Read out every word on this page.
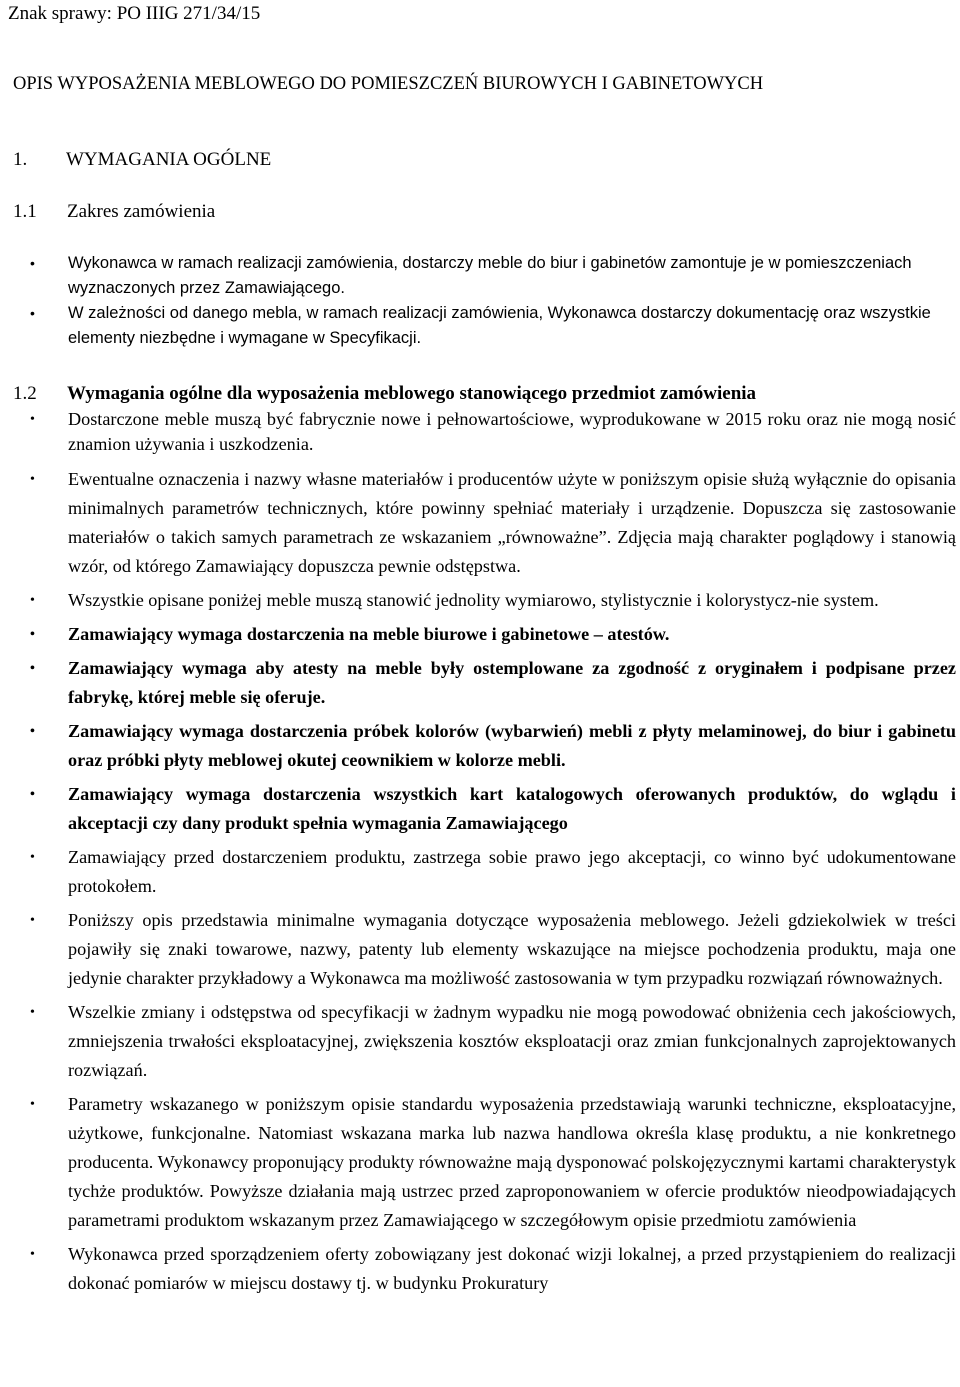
Znak sprawy: PO IIIG 271/34/15
OPIS WYPOSAŻENIA MEBLOWEGO DO POMIESZCZEŃ BIUROWYCH I GABINETOWYCH
1. WYMAGANIA OGÓLNE
1.1 Zakres zamówienia
• Wykonawca w ramach realizacji zamówienia, dostarczy meble do biur i gabinetów zamontuje je w pomieszczeniach wyznaczonych przez Zamawiającego.
• W zależności od danego mebla, w ramach realizacji zamówienia, Wykonawca dostarczy dokumentację oraz wszystkie elementy niezbędne i wymagane w Specyfikacji.
1.2 Wymagania ogólne dla wyposażenia meblowego stanowiącego przedmiot zamówienia
• Dostarczone meble muszą być fabrycznie nowe i pełnowartościowe, wyprodukowane w 2015 roku oraz nie mogą nosić znamion używania i uszkodzenia.
• Ewentualne oznaczenia i nazwy własne materiałów i producentów użyte w poniższym opisie służą wyłącznie do opisania minimalnych parametrów technicznych, które powinny spełniać materiały i urządzenie. Dopuszcza się zastosowanie materiałów o takich samych parametrach ze wskazaniem „równoważne”. Zdjęcia mają charakter poglądowy i stanowią wzór, od którego Zamawiający dopuszcza pewnie odstępstwa.
• Wszystkie opisane poniżej meble muszą stanowić jednolity wymiarowo, stylistycznie i kolorystycz-nie system.
• Zamawiający wymaga dostarczenia na meble biurowe i gabinetowe – atestów.
• Zamawiający wymaga aby atesty na meble były ostemplowane za zgodność z oryginałem i podpisane przez fabrykę, której meble się oferuje.
• Zamawiający wymaga dostarczenia próbek kolorów (wybarwień) mebli z płyty melaminowej, do biur i gabinetu oraz próbki płyty meblowej okutej ceownikiem w kolorze mebli.
• Zamawiający wymaga dostarczenia wszystkich kart katalogowych oferowanych produktów, do wglądu i akceptacji czy dany produkt spełnia wymagania Zamawiającego
• Zamawiający przed dostarczeniem produktu, zastrzega sobie prawo jego akceptacji, co winno być udokumentowane protokołem.
• Poniższy opis przedstawia minimalne wymagania dotyczące wyposażenia meblowego. Jeżeli gdziekolwiek w treści pojawiły się znaki towarowe, nazwy, patenty lub elementy wskazujące na miejsce pochodzenia produktu, maja one jedynie charakter przykładowy a Wykonawca ma możliwość zastosowania w tym przypadku rozwiązań równoważnych.
• Wszelkie zmiany i odstępstwa od specyfikacji w żadnym wypadku nie mogą powodować obniżenia cech jakościowych, zmniejszenia trwałości eksploatacyjnej, zwiększenia kosztów eksploatacji oraz zmian funkcjonalnych zaprojektowanych rozwiązań.
• Parametry wskazanego w poniższym opisie standardu wyposażenia przedstawiają warunki techniczne, eksploatacyjne, użytkowe, funkcjonalne. Natomiast wskazana marka lub nazwa handlowa określa klasę produktu, a nie konkretnego producenta. Wykonawcy proponujący produkty równoważne mają dysponować polskojęzycznymi kartami charakterystyk tychże produktów. Powyższe działania mają ustrzec przed zaproponowaniem w ofercie produktów nieodpowiadających parametrami produktom wskazanym przez Zamawiającego w szczegółowym opisie przedmiotu zamówienia
• Wykonawca przed sporządzeniem oferty zobowiązany jest dokonać wizji lokalnej, a przed przystąpieniem do realizacji dokonać pomiarów w miejscu dostawy tj. w budynku Prokuratury
